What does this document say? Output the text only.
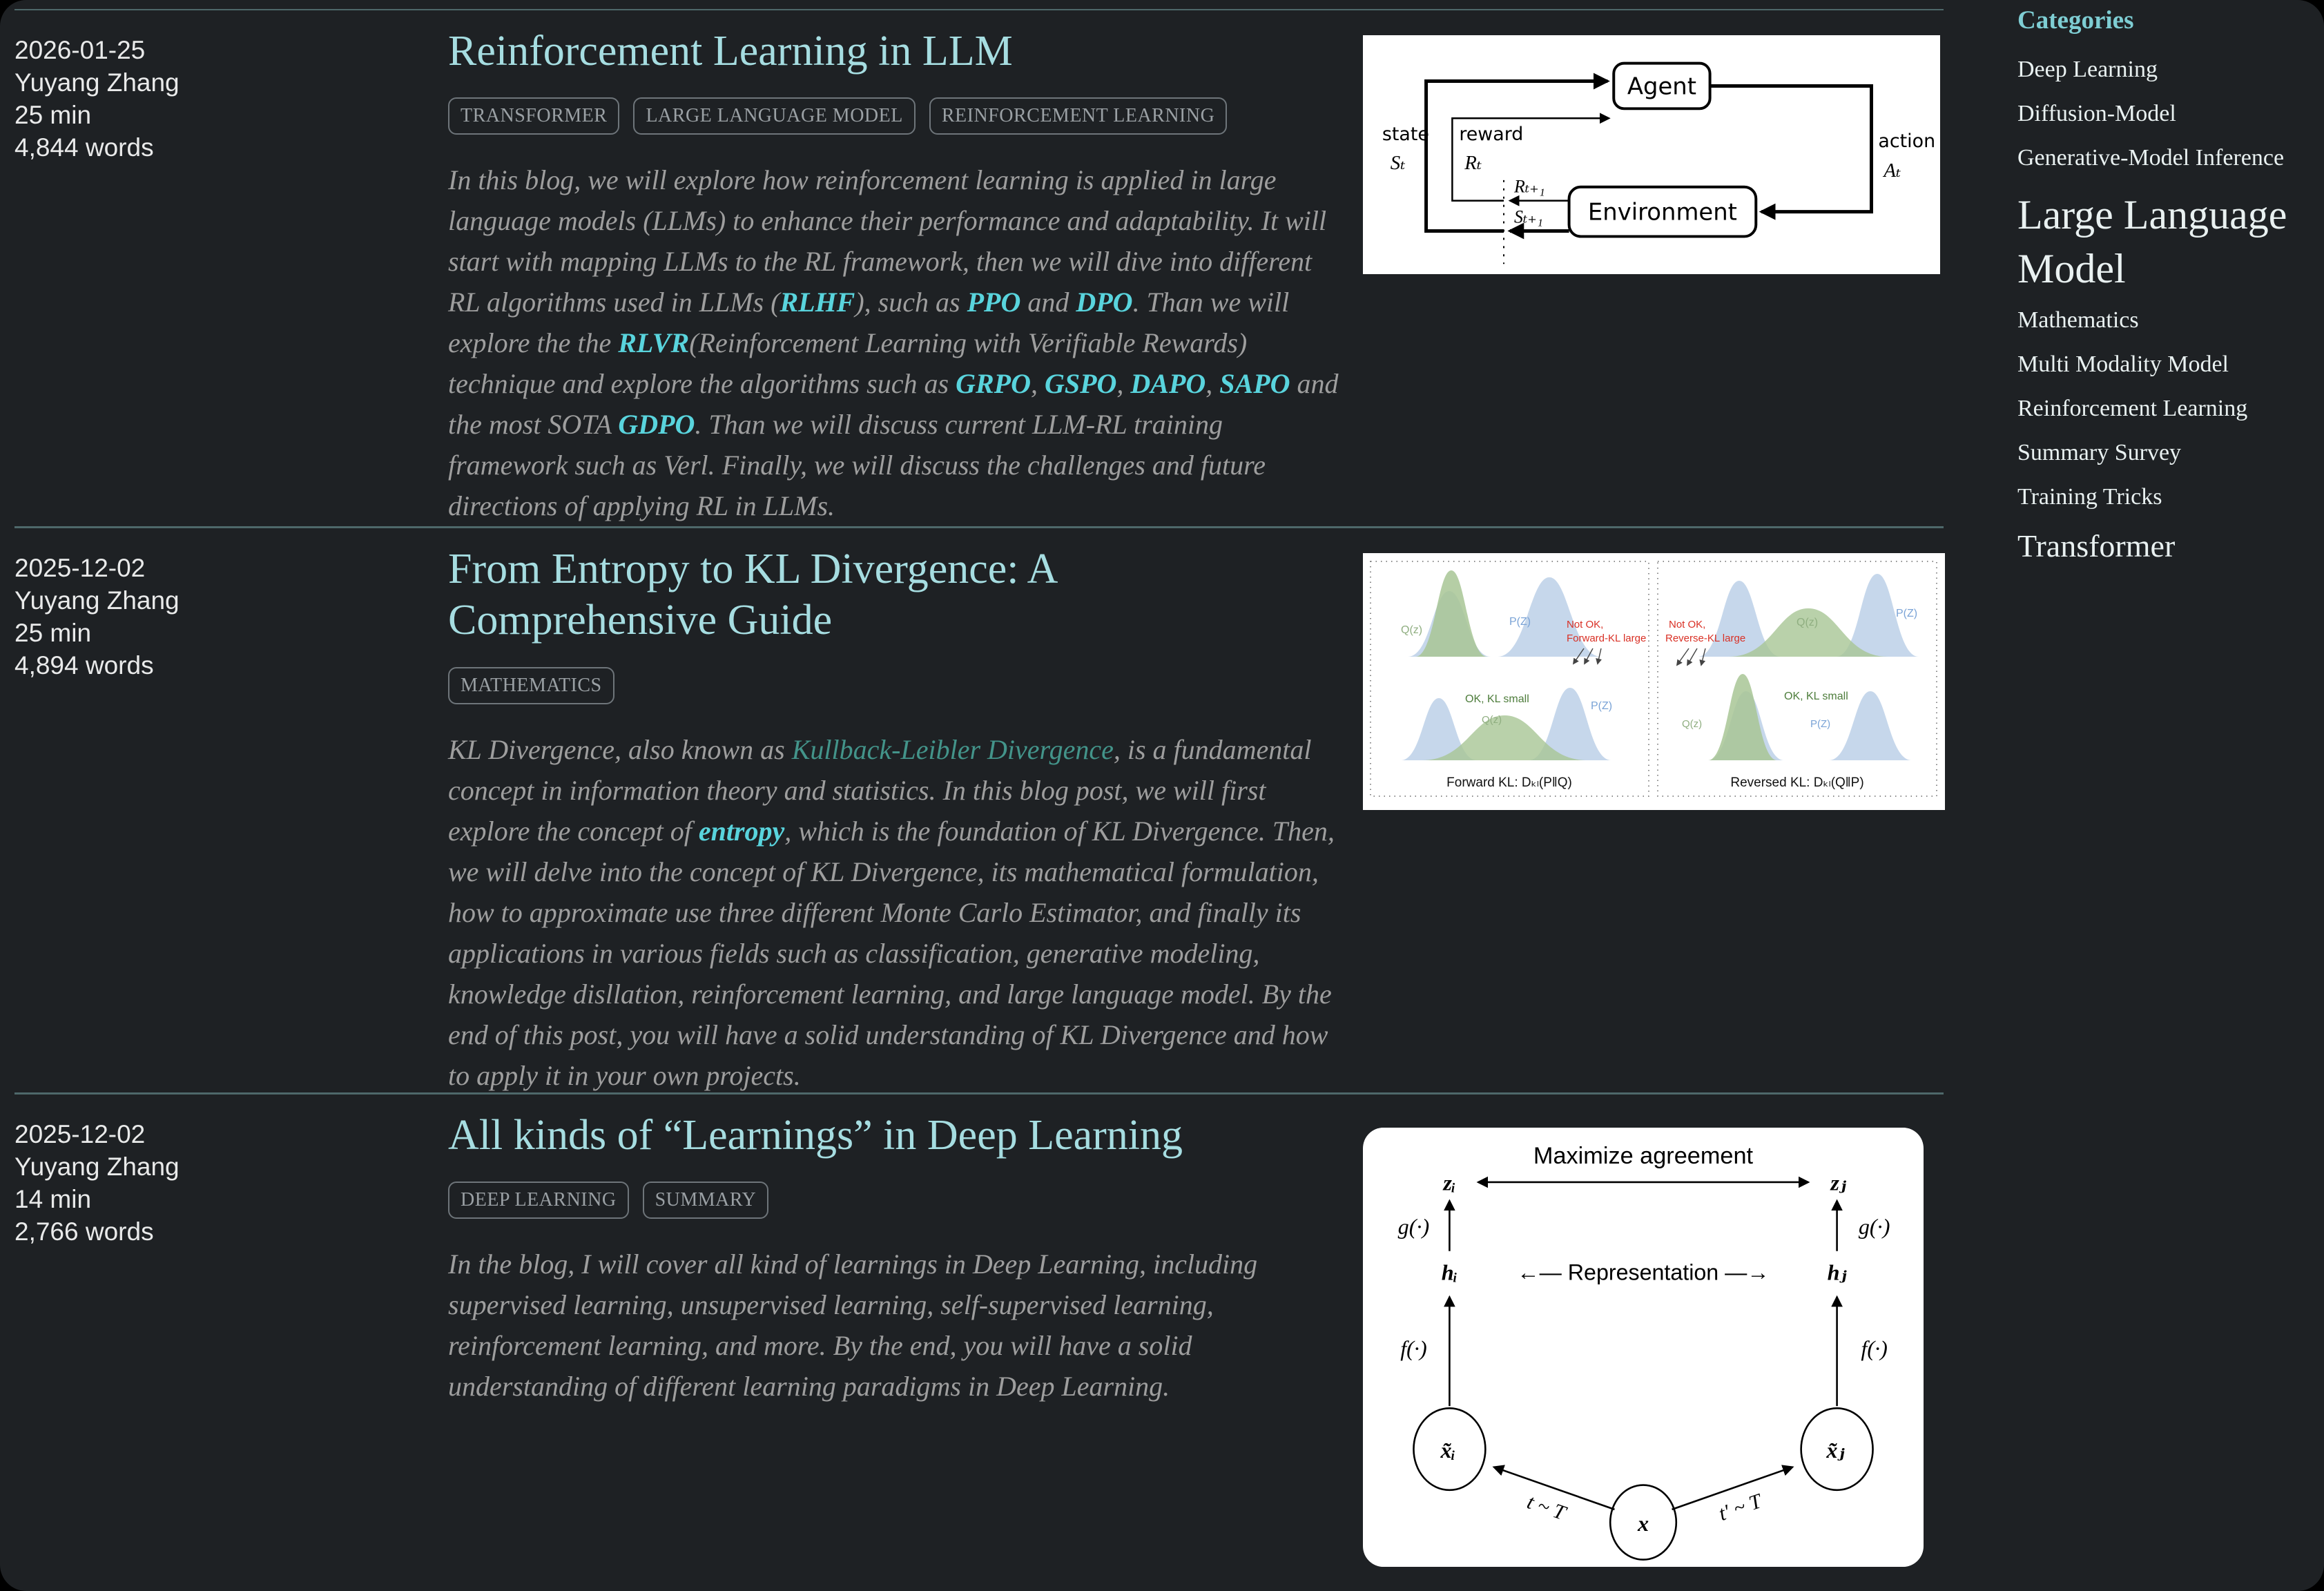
2026-01-25

Yuyang Zhang

25 min

4,844 words

Reinforcement Learning in LLM
TRANSFORMER LARGE LANGUAGE MODEL REINFORCEMENT LEARNING

In this blog, we will explore how reinforcement learning is applied in large language models (LLMs) to enhance their performance and adaptability. It will start with mapping LLMs to the RL framework, then we will dive into different RL algorithms used in LLMs (RLHF), such as PPO and DPO. Than we will explore the the RLVR(Reinforcement Learning with Verifiable Rewards) technique and explore the algorithms such as GRPO, GSPO, DAPO, SAPO and the most SOTA GDPO. Than we will discuss current LLM-RL training framework such as Verl. Finally, we will discuss the challenges and future directions of applying RL in LLMs.

Agent
Environment
state
Sₜ
reward
Rₜ
action
Aₜ
Rₜ₊₁
Sₜ₊₁

2025-12-02

Yuyang Zhang

25 min

4,894 words

From Entropy to KL Divergence: A Comprehensive Guide
MATHEMATICS

KL Divergence, also known as Kullback-Leibler Divergence, is a fundamental concept in information theory and statistics. In this blog post, we will first explore the concept of entropy, which is the foundation of KL Divergence. Then, we will delve into the concept of KL Divergence, its mathematical formulation, how to approximate use three different Monte Carlo Estimator, and finally its applications in various fields such as classification, generative modeling, knowledge disllation, reinforcement learning, and large language model. By the end of this post, you will have a solid understanding of KL Divergence and how to apply it in your own projects.

Q(z)
P(Z)	Not OK,
Forward-KL large
OK, KL small
Q(z)
P(Z)
Forward KL: Dₖₗ(P‖Q)
Not OK,
Reverse-KL large
Q(z)
P(Z)
OK, KL small
Q(z)	P(Z)
Reversed KL: Dₖₗ(Q‖P)

2025-12-02

Yuyang Zhang

14 min

2,766 words

All kinds of “Learnings” in Deep Learning
DEEP LEARNING SUMMARY

In the blog, I will cover all kind of learnings in Deep Learning, including supervised learning, unsupervised learning, self-supervised learning, reinforcement learning, and more. By the end, you will have a solid understanding of different learning paradigms in Deep Learning.

Maximize agreement
zᵢ	zⱼ
g(·)	g(·)
hᵢ	hⱼ
←— Representation —→
f(·)	f(·)
x̃ᵢ	x̃ⱼ
x
t ~ T	t′ ~ T
Categories
Deep Learning
Diffusion-Model
Generative-Model Inference
Large Language Model
Mathematics
Multi Modality Model
Reinforcement Learning
Summary Survey
Training Tricks
Transformer
